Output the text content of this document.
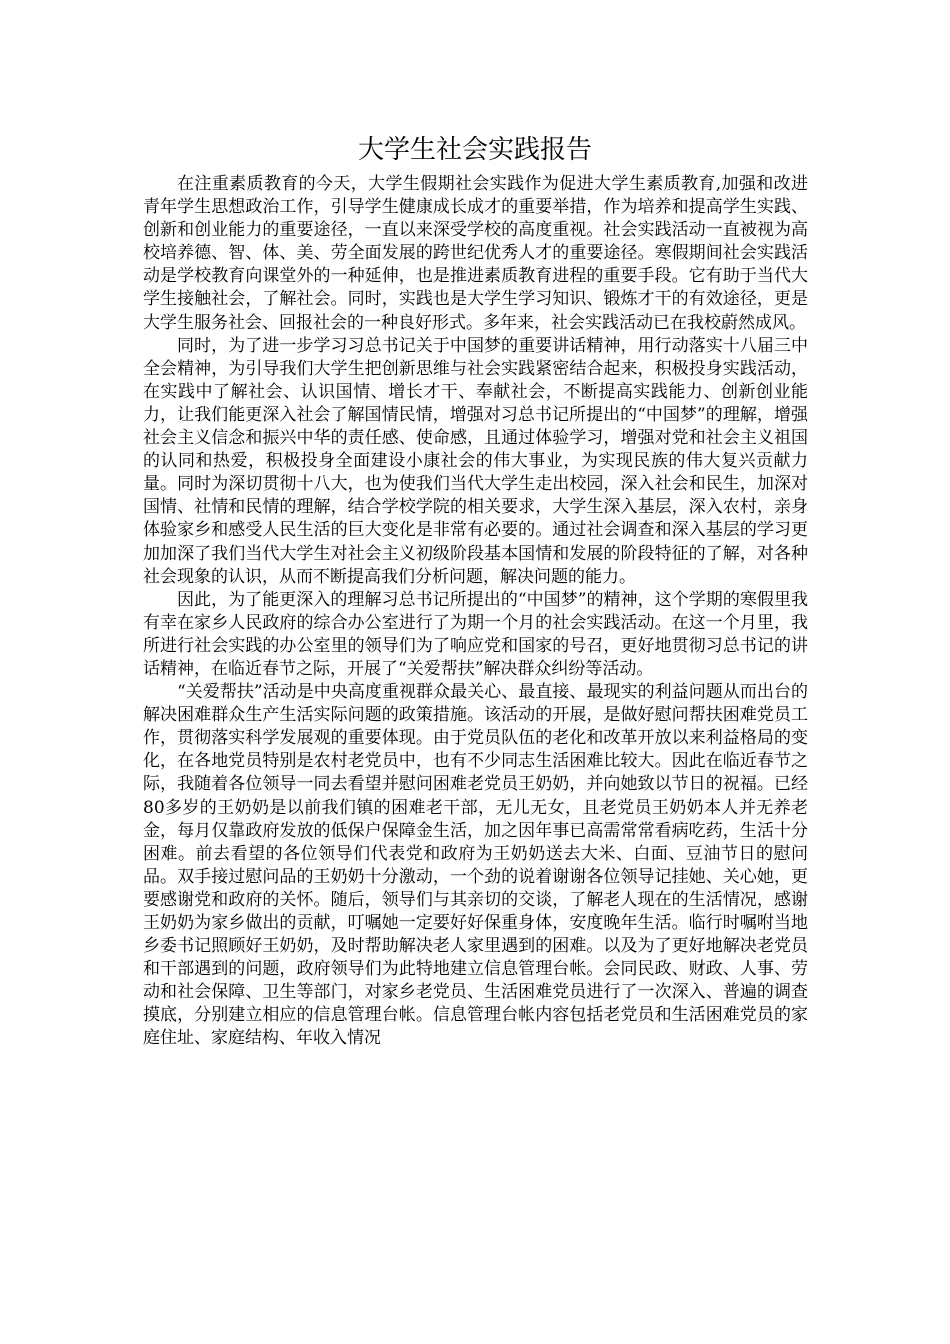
大学生社会实践报告

在注重素质教育的今天，大学生假期社会实践作为促进大学生素质教育,加强和改进青年学生思想政治工作，引导学生健康成长成才的重要举措，作为培养和提高学生实践、创新和创业能力的重要途径，一直以来深受学校的高度重视。社会实践活动一直被视为高校培养德、智、体、美、劳全面发展的跨世纪优秀人才的重要途径。寒假期间社会实践活动是学校教育向课堂外的一种延伸，也是推进素质教育进程的重要手段。它有助于当代大学生接触社会，了解社会。同时，实践也是大学生学习知识、锻炼才干的有效途径，更是大学生服务社会、回报社会的一种良好形式。多年来，社会实践活动已在我校蔚然成风。

同时，为了进一步学习习总书记关于中国梦的重要讲话精神，用行动落实十八届三中全会精神，为引导我们大学生把创新思维与社会实践紧密结合起来，积极投身实践活动，在实践中了解社会、认识国情、增长才干、奉献社会，不断提高实践能力、创新创业能力，让我们能更深入社会了解国情民情，增强对习总书记所提出的“中国梦”的理解，增强社会主义信念和振兴中华的责任感、使命感，且通过体验学习，增强对党和社会主义祖国的认同和热爱，积极投身全面建设小康社会的伟大事业，为实现民族的伟大复兴贡献力量。同时为深切贯彻十八大，也为使我们当代大学生走出校园，深入社会和民生，加深对国情、社情和民情的理解，结合学校学院的相关要求，大学生深入基层，深入农村，亲身体验家乡和感受人民生活的巨大变化是非常有必要的。通过社会调查和深入基层的学习更加加深了我们当代大学生对社会主义初级阶段基本国情和发展的阶段特征的了解，对各种社会现象的认识，从而不断提高我们分析问题，解决问题的能力。

因此，为了能更深入的理解习总书记所提出的“中国梦”的精神，这个学期的寒假里我有幸在家乡人民政府的综合办公室进行了为期一个月的社会实践活动。在这一个月里，我所进行社会实践的办公室里的领导们为了响应党和国家的号召，更好地贯彻习总书记的讲话精神，在临近春节之际，开展了“关爱帮扶”解决群众纠纷等活动。

“关爱帮扶”活动是中央高度重视群众最关心、最直接、最现实的利益问题从而出台的解决困难群众生产生活实际问题的政策措施。该活动的开展，是做好慰问帮扶困难党员工作，贯彻落实科学发展观的重要体现。由于党员队伍的老化和改革开放以来利益格局的变化，在各地党员特别是农村老党员中，也有不少同志生活困难比较大。因此在临近春节之际，我随着各位领导一同去看望并慰问困难老党员王奶奶，并向她致以节日的祝福。已经80多岁的王奶奶是以前我们镇的困难老干部，无儿无女，且老党员王奶奶本人并无养老金，每月仅靠政府发放的低保户保障金生活，加之因年事已高需常常看病吃药，生活十分困难。前去看望的各位领导们代表党和政府为王奶奶送去大米、白面、豆油节日的慰问品。双手接过慰问品的王奶奶十分激动，一个劲的说着谢谢各位领导记挂她、关心她，更要感谢党和政府的关怀。随后，领导们与其亲切的交谈，了解老人现在的生活情况，感谢王奶奶为家乡做出的贡献，叮嘱她一定要好好保重身体，安度晚年生活。临行时嘱咐当地乡委书记照顾好王奶奶，及时帮助解决老人家里遇到的困难。以及为了更好地解决老党员和干部遇到的问题，政府领导们为此特地建立信息管理台帐。会同民政、财政、人事、劳动和社会保障、卫生等部门，对家乡老党员、生活困难党员进行了一次深入、普遍的调查摸底，分别建立相应的信息管理台帐。信息管理台帐内容包括老党员和生活困难党员的家庭住址、家庭结构、年收入情况
